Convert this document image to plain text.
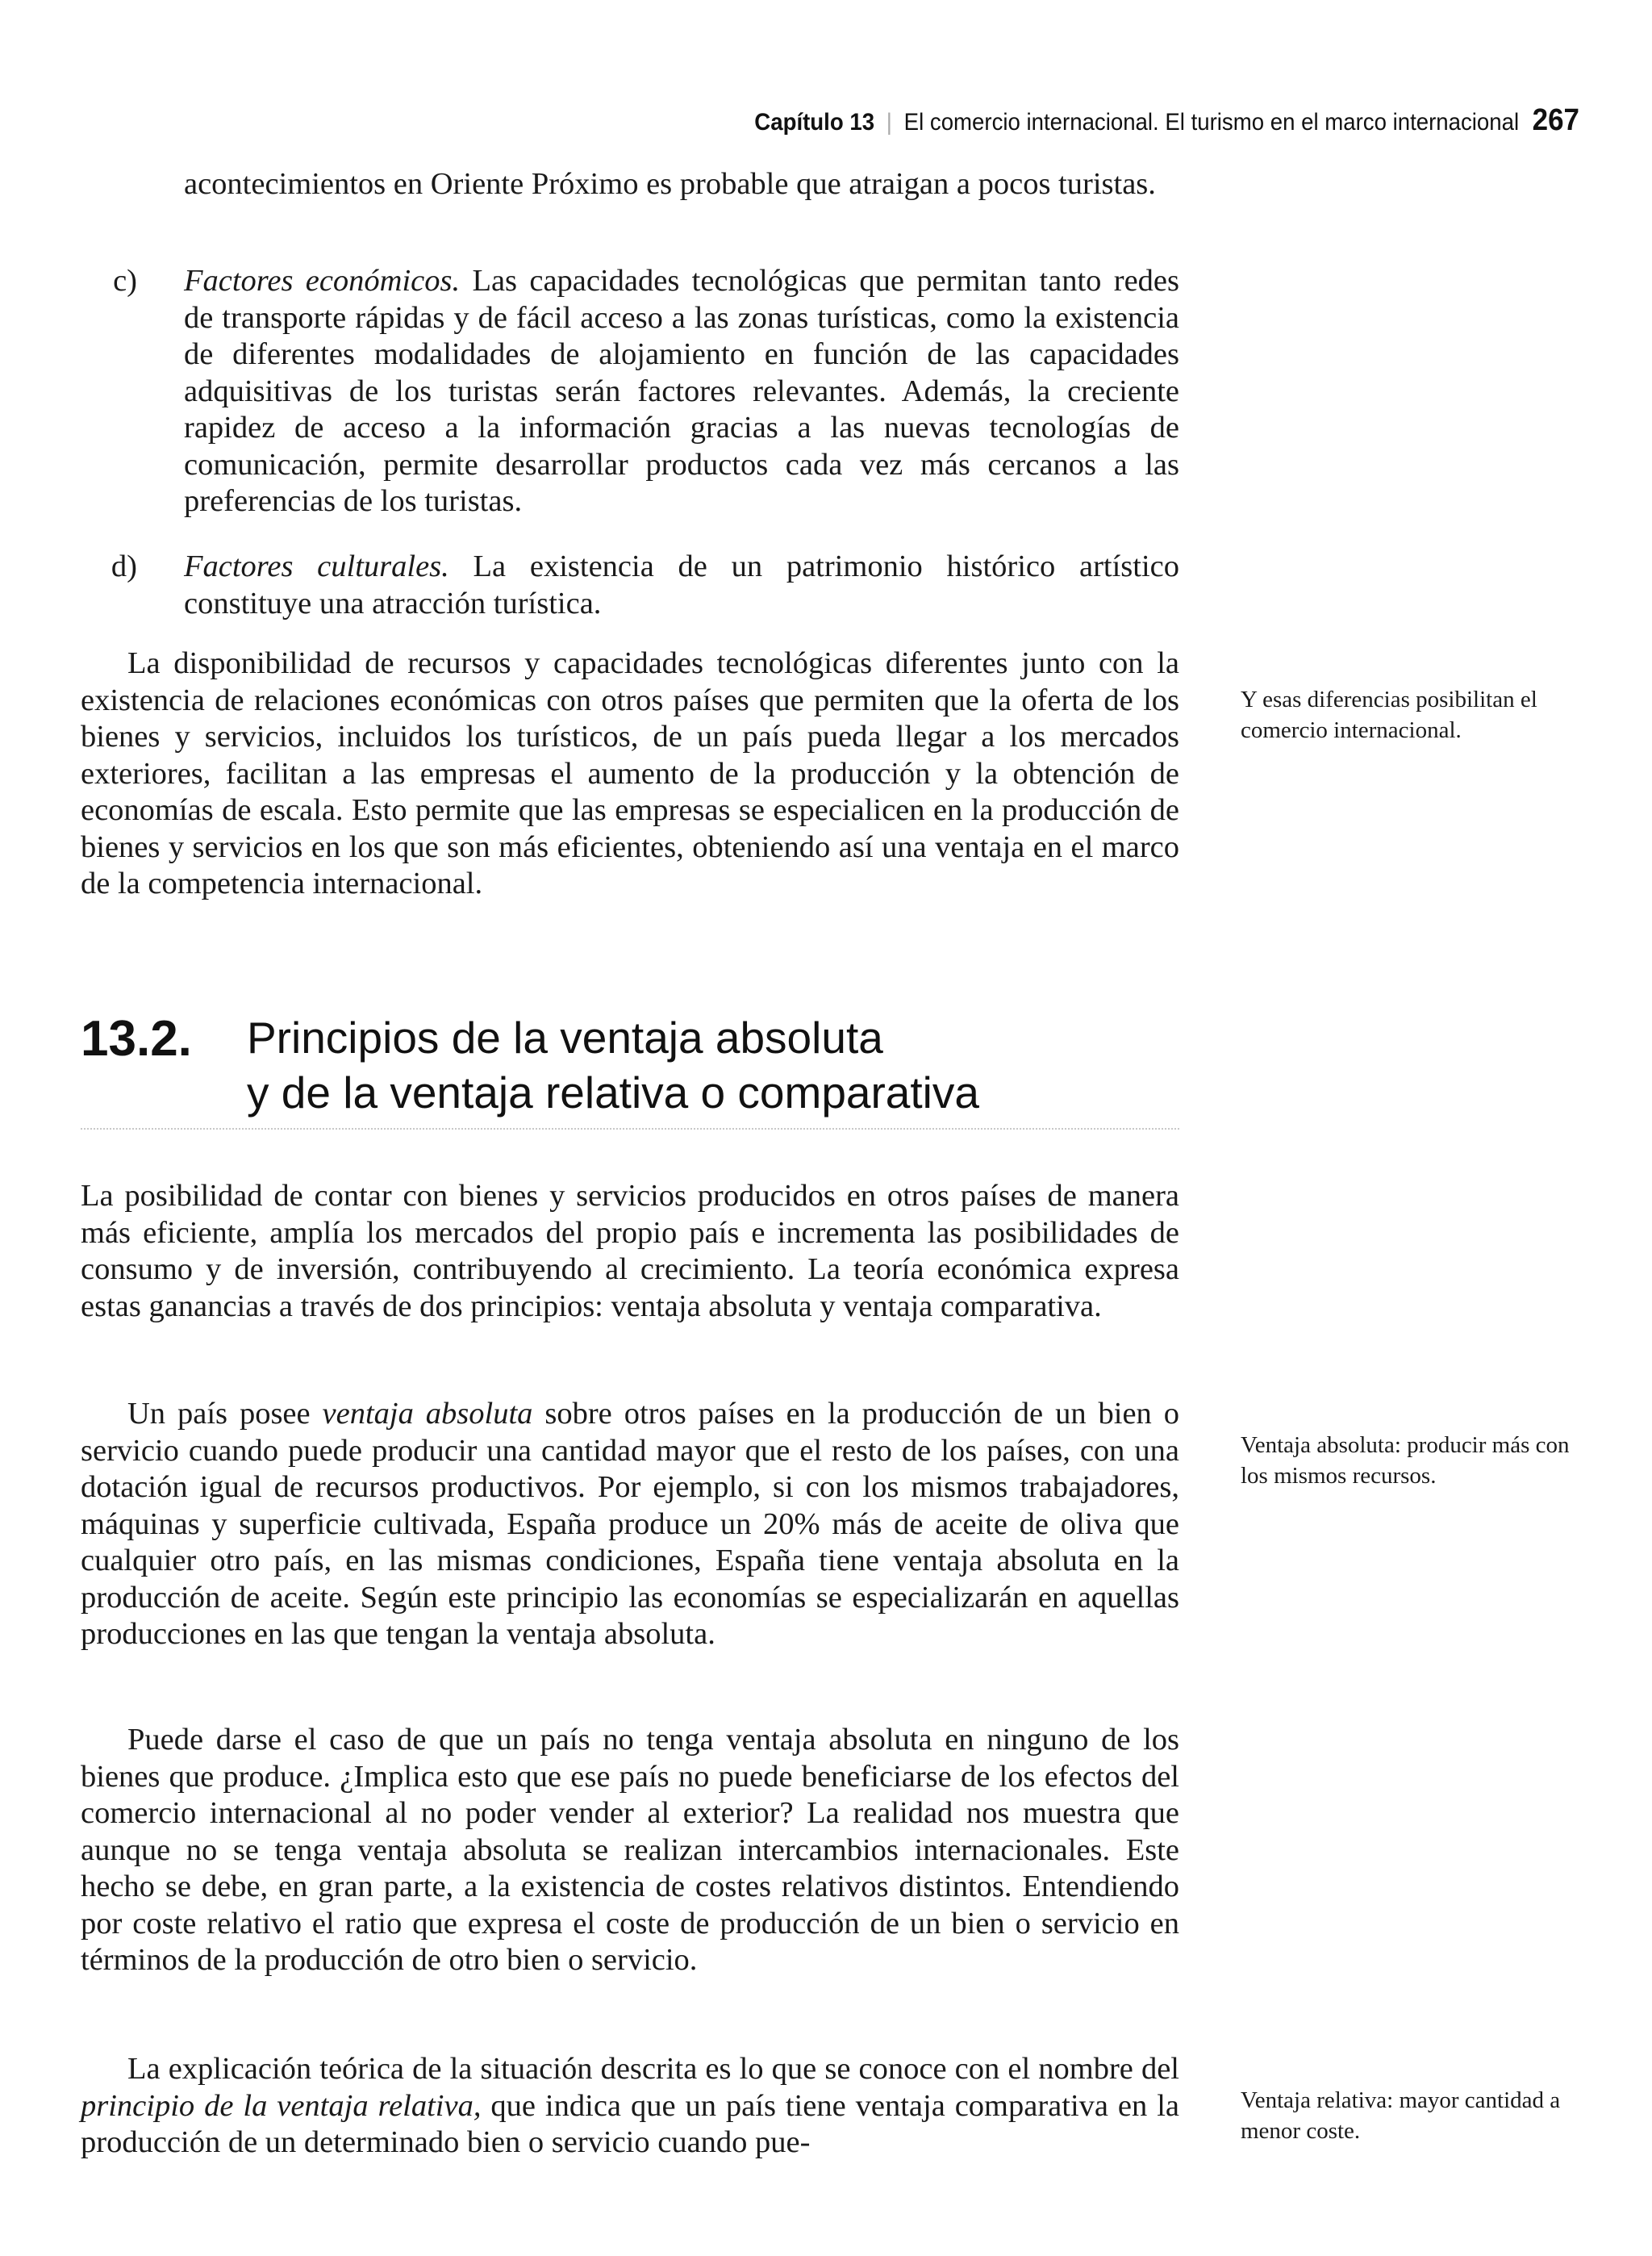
Capítulo 13 | El comercio internacional. El turismo en el marco internacional 267

acontecimientos en Oriente Próximo es probable que atraigan a pocos turistas.

c) Factores económicos. Las capacidades tecnológicas que permitan tanto redes de transporte rápidas y de fácil acceso a las zonas turísticas, como la existencia de diferentes modalidades de alojamiento en función de las capacidades adquisitivas de los turistas serán factores relevantes. Además, la creciente rapidez de acceso a la información gracias a las nuevas tecnologías de comunicación, permite desarrollar productos cada vez más cercanos a las preferencias de los turistas.

d) Factores culturales. La existencia de un patrimonio histórico artístico constituye una atracción turística.

La disponibilidad de recursos y capacidades tecnológicas diferentes junto con la existencia de relaciones económicas con otros países que permiten que la oferta de los bienes y servicios, incluidos los turísticos, de un país pueda llegar a los mercados exteriores, facilitan a las empresas el aumento de la producción y la obtención de economías de escala. Esto permite que las empresas se especialicen en la producción de bienes y servicios en los que son más eficientes, obteniendo así una ventaja en el marco de la competencia internacional.

Y esas diferencias posibilitan el comercio internacional.
13.2. Principios de la ventaja absoluta
y de la ventaja relativa o comparativa

La posibilidad de contar con bienes y servicios producidos en otros países de manera más eficiente, amplía los mercados del propio país e incrementa las posibilidades de consumo y de inversión, contribuyendo al crecimiento. La teoría económica expresa estas ganancias a través de dos principios: ventaja absoluta y ventaja comparativa.

Un país posee ventaja absoluta sobre otros países en la producción de un bien o servicio cuando puede producir una cantidad mayor que el resto de los países, con una dotación igual de recursos productivos. Por ejemplo, si con los mismos trabajadores, máquinas y superficie cultivada, España produce un 20% más de aceite de oliva que cualquier otro país, en las mismas condiciones, España tiene ventaja absoluta en la producción de aceite. Según este principio las economías se especializarán en aquellas producciones en las que tengan la ventaja absoluta.

Ventaja absoluta: producir más con los mismos recursos.

Puede darse el caso de que un país no tenga ventaja absoluta en ninguno de los bienes que produce. ¿Implica esto que ese país no puede beneficiarse de los efectos del comercio internacional al no poder vender al exterior? La realidad nos muestra que aunque no se tenga ventaja absoluta se realizan intercambios internacionales. Este hecho se debe, en gran parte, a la existencia de costes relativos distintos. Entendiendo por coste relativo el ratio que expresa el coste de producción de un bien o servicio en términos de la producción de otro bien o servicio.

La explicación teórica de la situación descrita es lo que se conoce con el nombre del principio de la ventaja relativa, que indica que un país tiene ventaja comparativa en la producción de un determinado bien o servicio cuando pue-

Ventaja relativa: mayor cantidad a menor coste.
